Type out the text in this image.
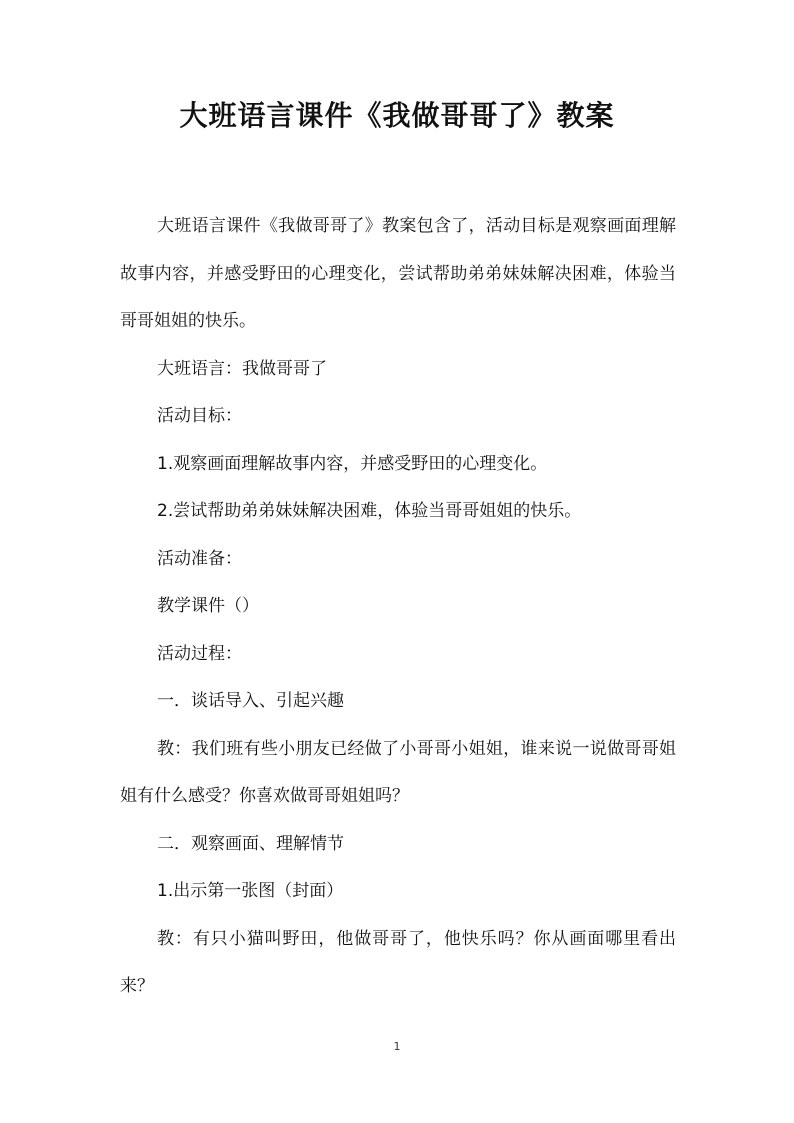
大班语言课件《我做哥哥了》教案

大班语言课件《我做哥哥了》教案包含了，活动目标是观察画面理解故事内容，并感受野田的心理变化，尝试帮助弟弟妹妹解决困难，体验当哥哥姐姐的快乐。

大班语言：我做哥哥了

活动目标：

1.观察画面理解故事内容，并感受野田的心理变化。

2.尝试帮助弟弟妹妹解决困难，体验当哥哥姐姐的快乐。

活动准备：

教学课件（）

活动过程：

一．谈话导入、引起兴趣

教：我们班有些小朋友已经做了小哥哥小姐姐，谁来说一说做哥哥姐姐有什么感受？你喜欢做哥哥姐姐吗？

二．观察画面、理解情节

1.出示第一张图（封面）

教：有只小猫叫野田，他做哥哥了，他快乐吗？你从画面哪里看出来？

1
